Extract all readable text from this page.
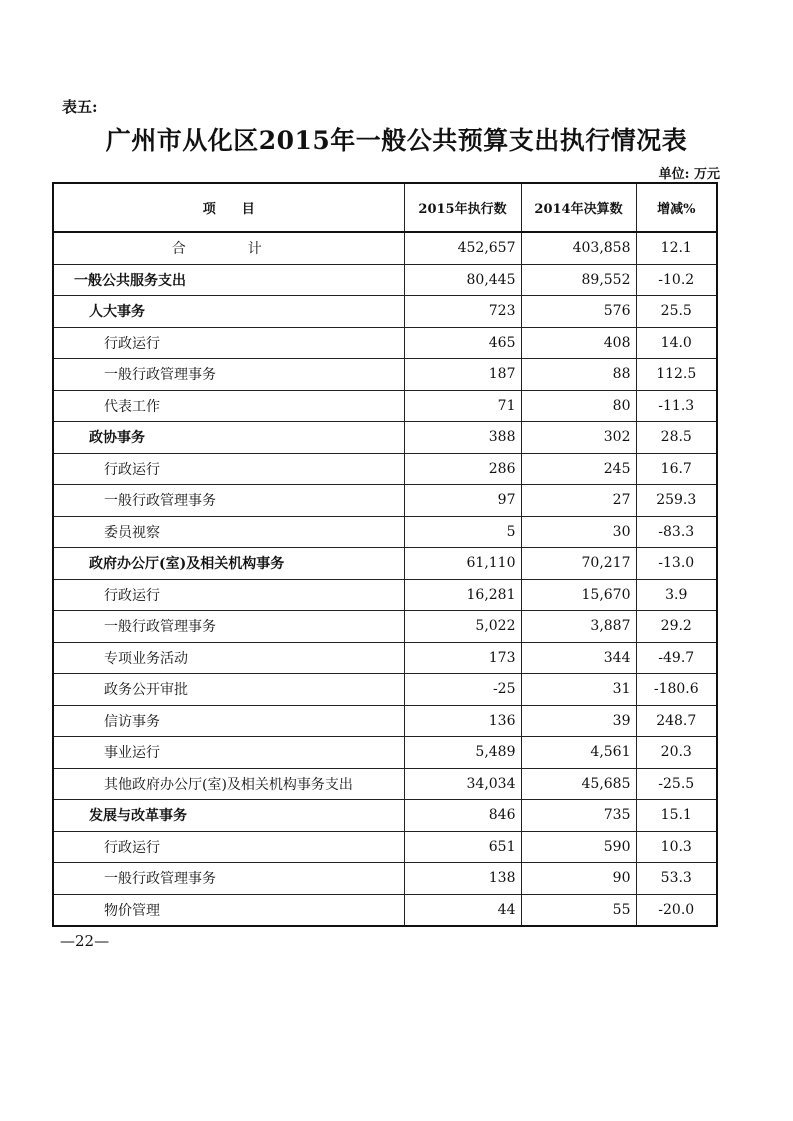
表五:
广州市从化区2015年一般公共预算支出执行情况表
单位: 万元
项　　目	2015年执行数	2014年决算数	增减%
合　计	452,657	403,858	12.1
一般公共服务支出	80,445	89,552	-10.2
人大事务	723	576	25.5
行政运行	465	408	14.0
一般行政管理事务	187	88	112.5
代表工作	71	80	-11.3
政协事务	388	302	28.5
行政运行	286	245	16.7
一般行政管理事务	97	27	259.3
委员视察	5	30	-83.3
政府办公厅(室)及相关机构事务	61,110	70,217	-13.0
行政运行	16,281	15,670	3.9
一般行政管理事务	5,022	3,887	29.2
专项业务活动	173	344	-49.7
政务公开审批	-25	31	-180.6
信访事务	136	39	248.7
事业运行	5,489	4,561	20.3
其他政府办公厅(室)及相关机构事务支出	34,034	45,685	-25.5
发展与改革事务	846	735	15.1
行政运行	651	590	10.3
一般行政管理事务	138	90	53.3
物价管理	44	55	-20.0
—22—
